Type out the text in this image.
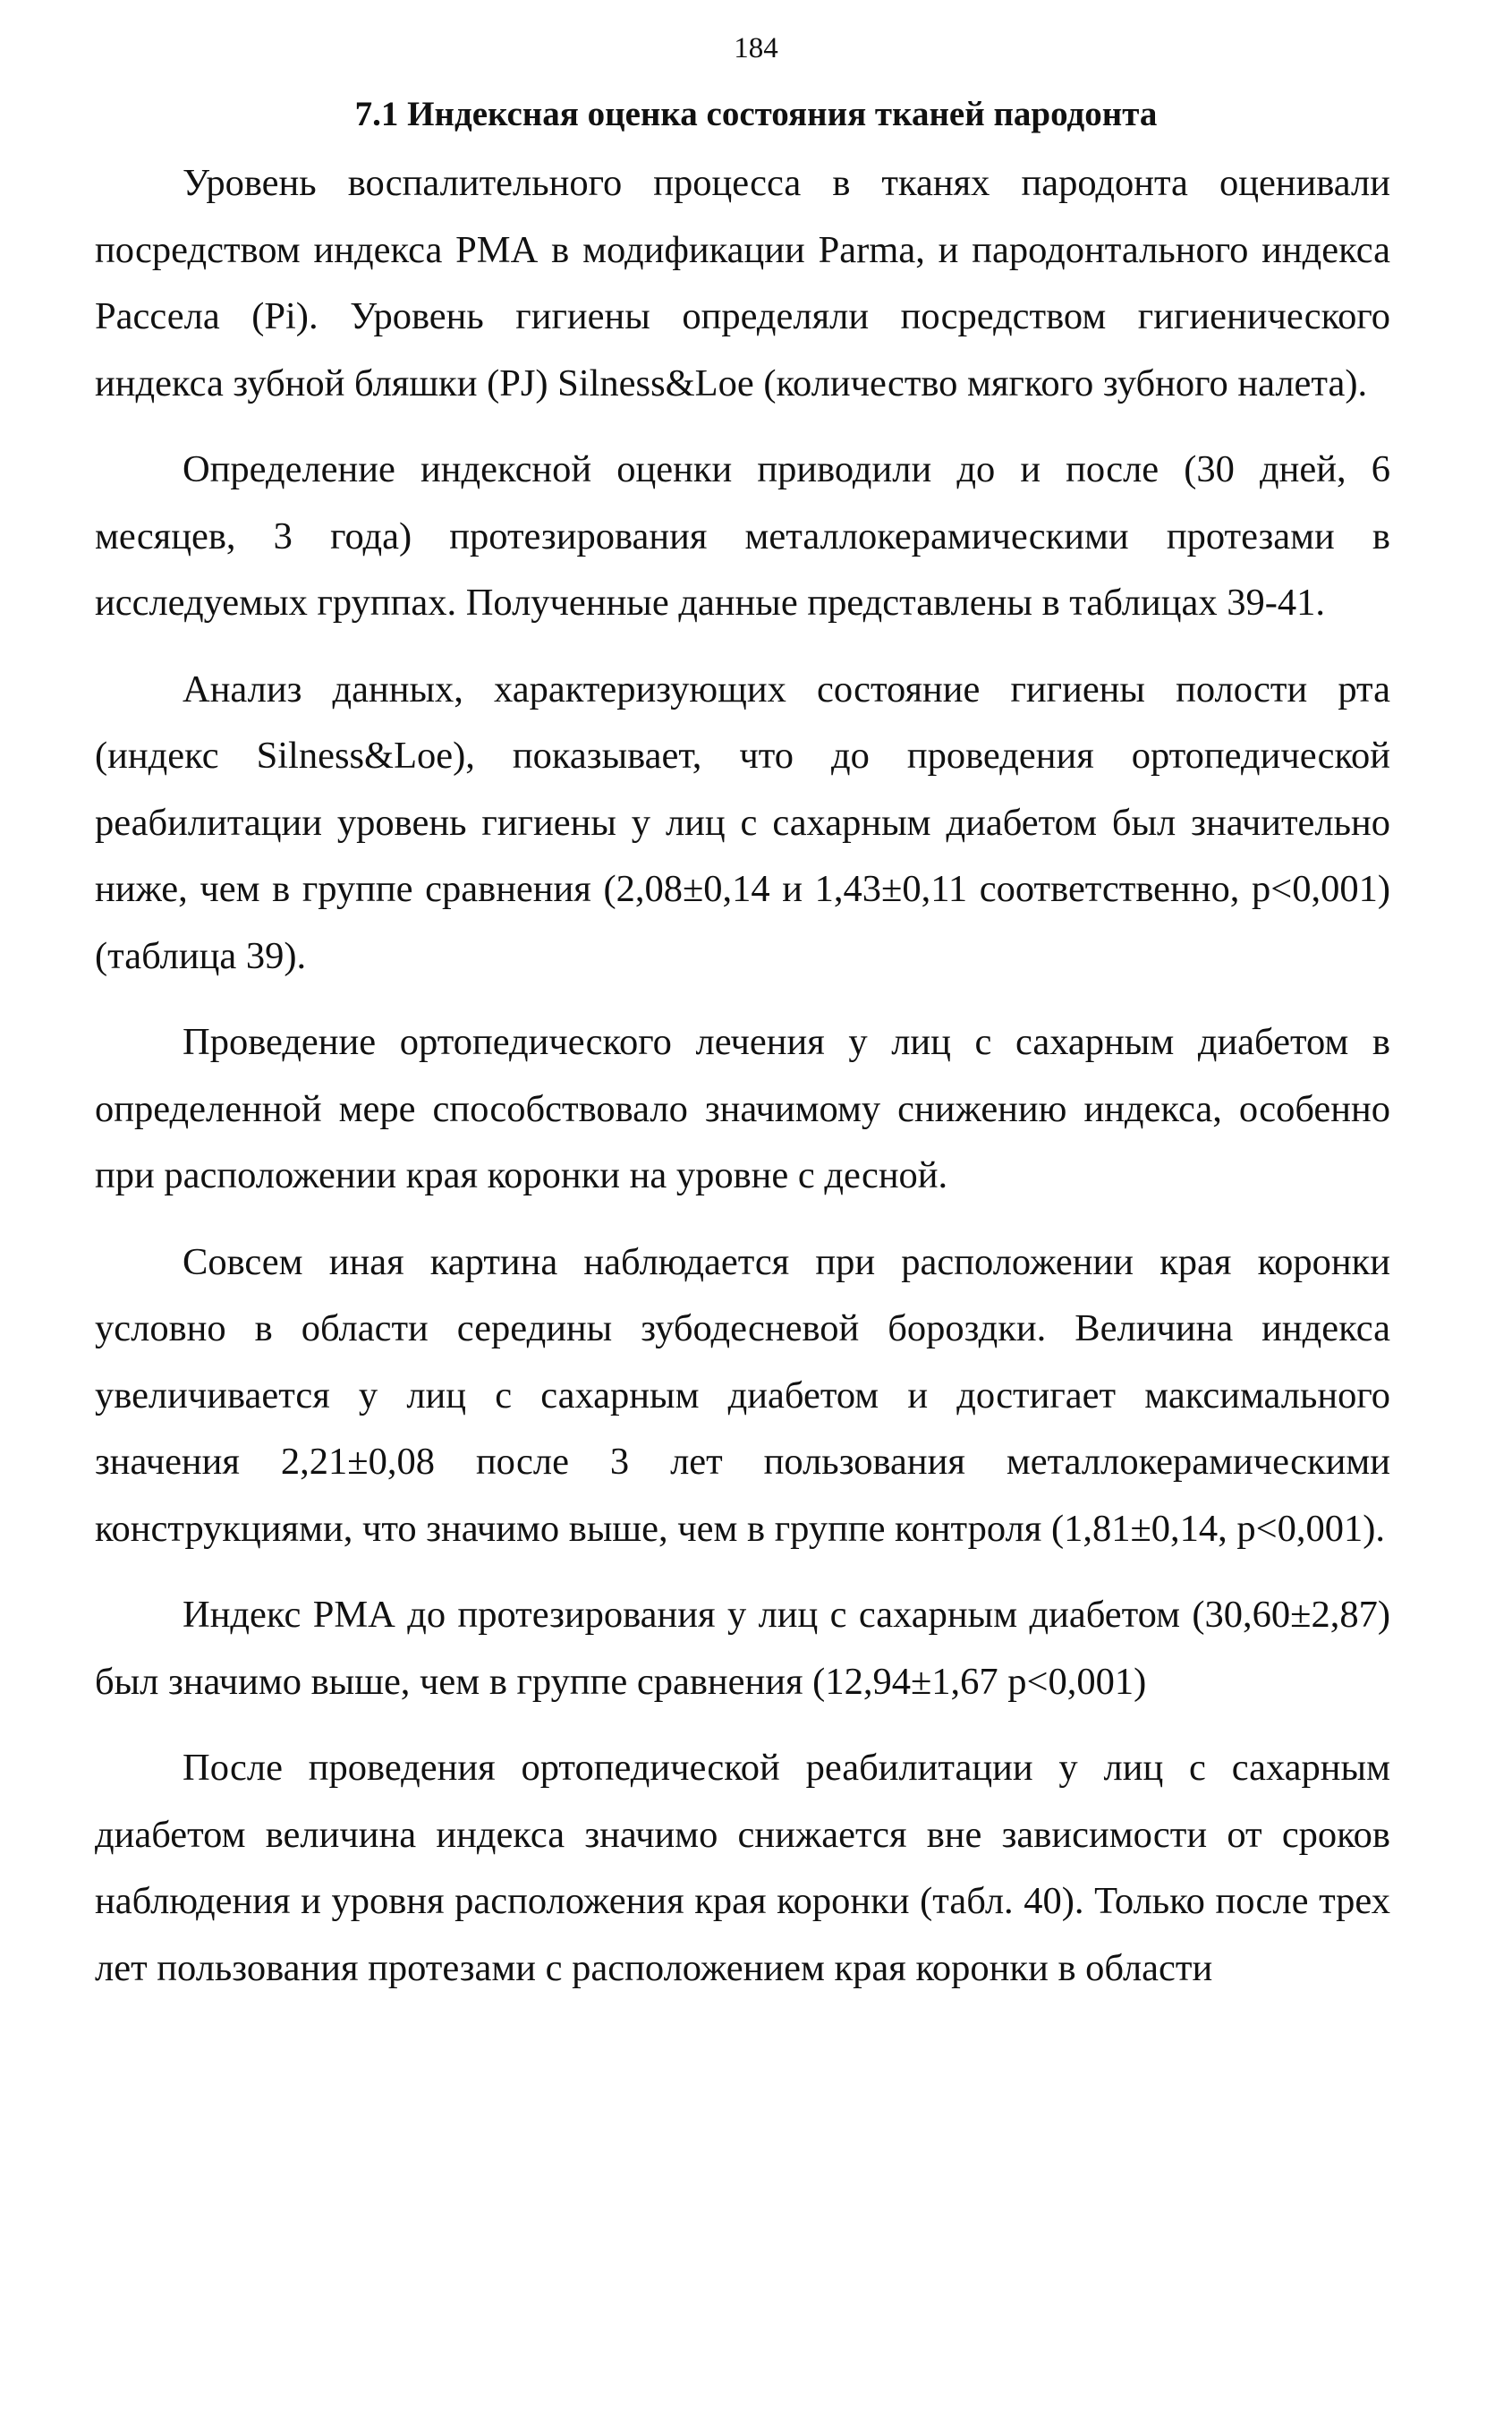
184
7.1 Индексная оценка состояния тканей пародонта

Уровень воспалительного процесса в тканях пародонта оценивали посредством индекса РМА в модификации Parma, и пародонтального индекса Рассела (Pi). Уровень гигиены определяли посредством гигиенического индекса зубной бляшки (PJ) Silness&Loe (количество мягкого зубного налета).

Определение индексной оценки приводили до и после (30 дней, 6 месяцев, 3 года) протезирования металлокерамическими протезами в исследуемых группах. Полученные данные представлены в таблицах 39-41.

Анализ данных, характеризующих состояние гигиены полости рта (индекс Silness&Loe), показывает, что до проведения ортопедической реабилитации уровень гигиены у лиц с сахарным диабетом был значительно ниже, чем в группе сравнения (2,08±0,14 и 1,43±0,11 соответственно, р<0,001) (таблица 39).

Проведение ортопедического лечения у лиц с сахарным диабетом в определенной мере способствовало значимому снижению индекса, особенно при расположении края коронки на уровне с десной.

Совсем иная картина наблюдается при расположении края коронки условно в области середины зубодесневой бороздки. Величина индекса увеличивается у лиц с сахарным диабетом и достигает максимального значения 2,21±0,08 после 3 лет пользования металлокерамическими конструкциями, что значимо выше, чем в группе контроля (1,81±0,14, р<0,001).

Индекс РМА до протезирования у лиц с сахарным диабетом (30,60±2,87) был значимо выше, чем в группе сравнения (12,94±1,67 p<0,001)

После проведения ортопедической реабилитации у лиц с сахарным диабетом величина индекса значимо снижается вне зависимости от сроков наблюдения и уровня расположения края коронки (табл. 40). Только после трех лет пользования протезами с расположением края коронки в области
